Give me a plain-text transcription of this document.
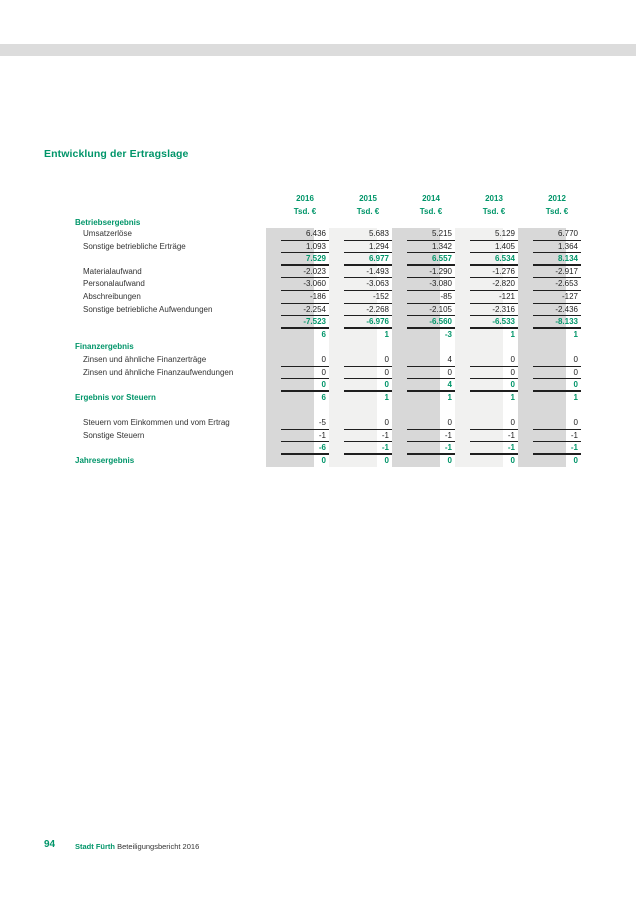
Entwicklung der Ertragslage
2016	2015	2014	2013	2012
Tsd. €	Tsd. €	Tsd. €	Tsd. €	Tsd. €
Betriebsergebnis
Umsatzerlöse	6.436	5.683	5.215	5.129	6.770
Sonstige betriebliche Erträge	1.093	1.294	1.342	1.405	1.364
7.529	6.977	6.557	6.534	8.134
Materialaufwand	-2.023	-1.493	-1.290	-1.276	-2.917
Personalaufwand	-3.060	-3.063	-3.080	-2.820	-2.653
Abschreibungen	-186	-152	-85	-121	-127
Sonstige betriebliche Aufwendungen	-2.254	-2.268	-2.105	-2.316	-2.436
-7.523	-6.976	-6.560	-6.533	-8.133
6	1	-3	1	1
Finanzergebnis
Zinsen und ähnliche Finanzerträge	0	0	4	0	0
Zinsen und ähnliche Finanzaufwendungen	0	0	0	0	0
0	0	4	0	0
Ergebnis vor Steuern	6	1	1	1	1
Steuern vom Einkommen und vom Ertrag	-5	0	0	0	0
Sonstige Steuern	-1	-1	-1	-1	-1
-6	-1	-1	-1	-1
Jahresergebnis	0	0	0	0	0
94	Stadt Fürth Beteiligungsbericht 2016
